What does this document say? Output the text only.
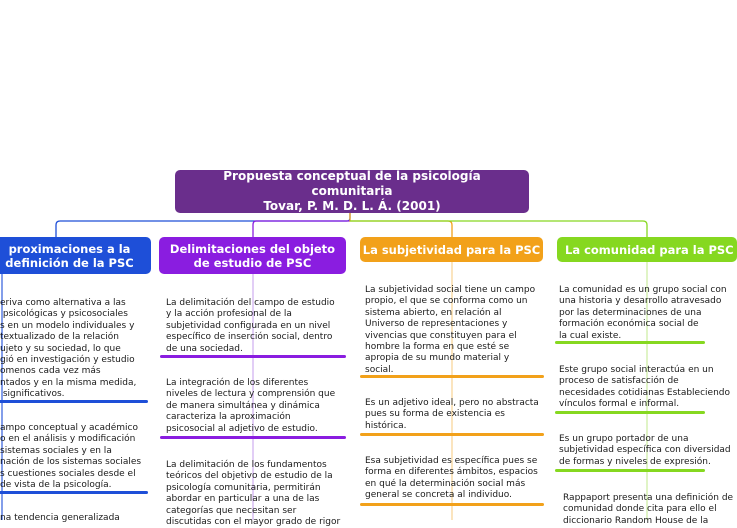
Propuesta conceptual de la psicología comunitaria
Tovar, P. M. D. L. Á. (2001)
proximaciones a la
definición de la PSC
eriva como alternativa a las
psicológicas y psicosociales
s en un modelo individuales y
textualizado de la relación
ujeto y su sociedad, lo que
gió en investigación y estudio
omenos cada vez más
ntados y en la misma medida,
significativos.
ampo conceptual y académico
o en el análisis y modificación
sistemas sociales y en la
nación de los sistemas sociales
s cuestiones sociales desde el
de vista de la psicología.
na tendencia generalizada
Delimitaciones del objeto
de estudio de PSC
La delimitación del campo de estudio
y la acción profesional de la
subjetividad configurada en un nivel
específico de inserción social, dentro
de una sociedad.
La integración de los diferentes
niveles de lectura y comprensión que
de manera simultánea y dinámica
caracteriza la aproximación
psicosocial al adjetivo de estudio.
La delimitación de los fundamentos
teóricos del objetivo de estudio de la
psicología comunitaria, permitirán
abordar en particular a una de las
categorías que necesitan ser
discutidas con el mayor grado de rigor
La subjetividad para la PSC
La subjetividad social tiene un campo
propio, el que se conforma como un
sistema abierto, en relación al
Universo de representaciones y
vivencias que constituyen para el
hombre la forma en que esté se
apropia de su mundo material y
social.
Es un adjetivo ideal, pero no abstracta
pues su forma de existencia es
histórica.
Esa subjetividad es específica pues se
forma en diferentes ámbitos, espacios
en qué la determinación social más
general se concreta al individuo.
La comunidad para la PSC
La comunidad es un grupo social con
una historia y desarrollo atravesado
por las determinaciones de una
formación económica social de
la cual existe.
Este grupo social interactúa en un
proceso de satisfacción de
necesidades cotidianas Estableciendo
vínculos formal e informal.
Es un grupo portador de una
subjetividad específica con diversidad
de formas y niveles de expresión.
Rappaport presenta una definición de
comunidad donde cita para ello el
diccionario Random House de la
